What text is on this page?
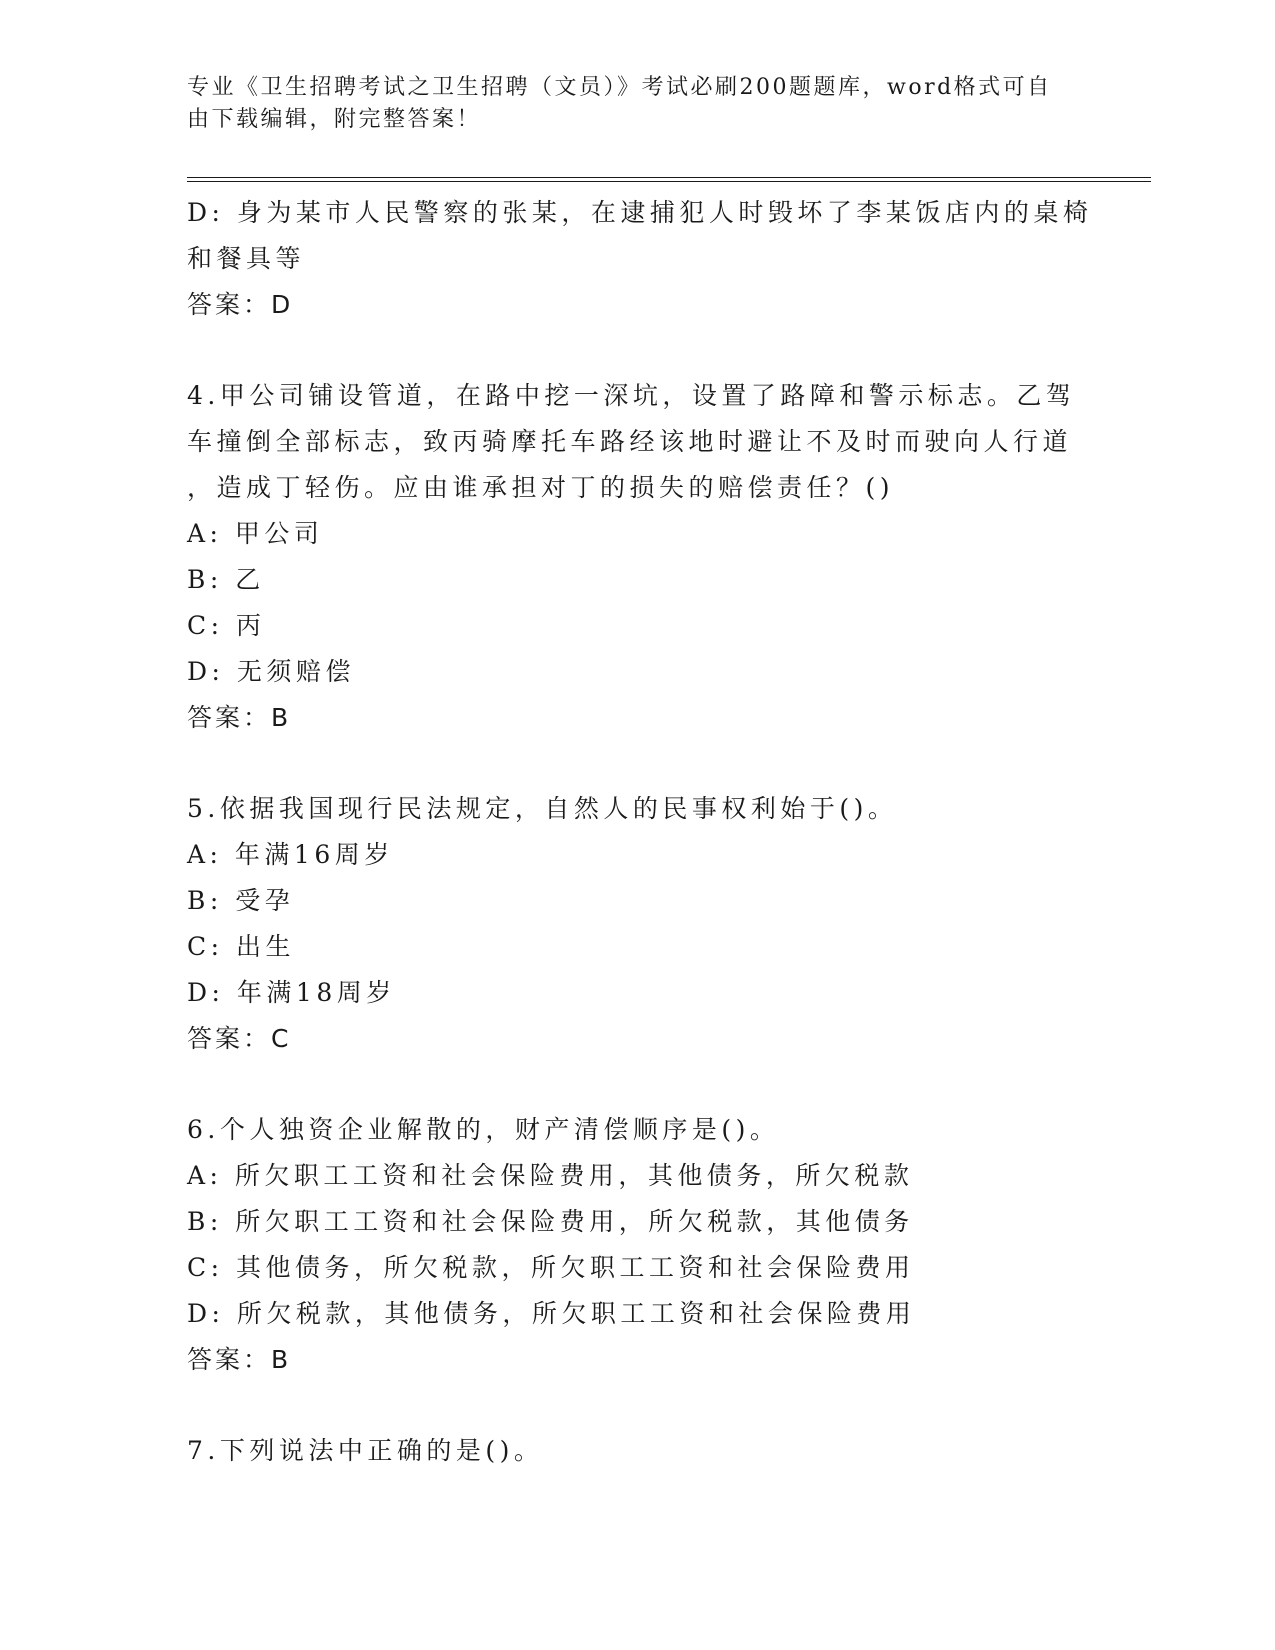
专业《卫生招聘考试之卫生招聘（文员）》考试必刷200题题库，word格式可自
由下载编辑，附完整答案！
D: 身为某市人民警察的张某，在逮捕犯人时毁坏了李某饭店内的桌椅
和餐具等
答案：D
4.甲公司铺设管道，在路中挖一深坑，设置了路障和警示标志。乙驾
车撞倒全部标志，致丙骑摩托车路经该地时避让不及时而驶向人行道
，造成丁轻伤。应由谁承担对丁的损失的赔偿责任？()
A: 甲公司
B: 乙
C: 丙
D: 无须赔偿
答案：B
5.依据我国现行民法规定，自然人的民事权利始于()。
A: 年满16周岁
B: 受孕
C: 出生
D: 年满18周岁
答案：C
6.个人独资企业解散的，财产清偿顺序是()。
A: 所欠职工工资和社会保险费用，其他债务，所欠税款
B: 所欠职工工资和社会保险费用，所欠税款，其他债务
C: 其他债务，所欠税款，所欠职工工资和社会保险费用
D: 所欠税款，其他债务，所欠职工工资和社会保险费用
答案：B
7.下列说法中正确的是()。
